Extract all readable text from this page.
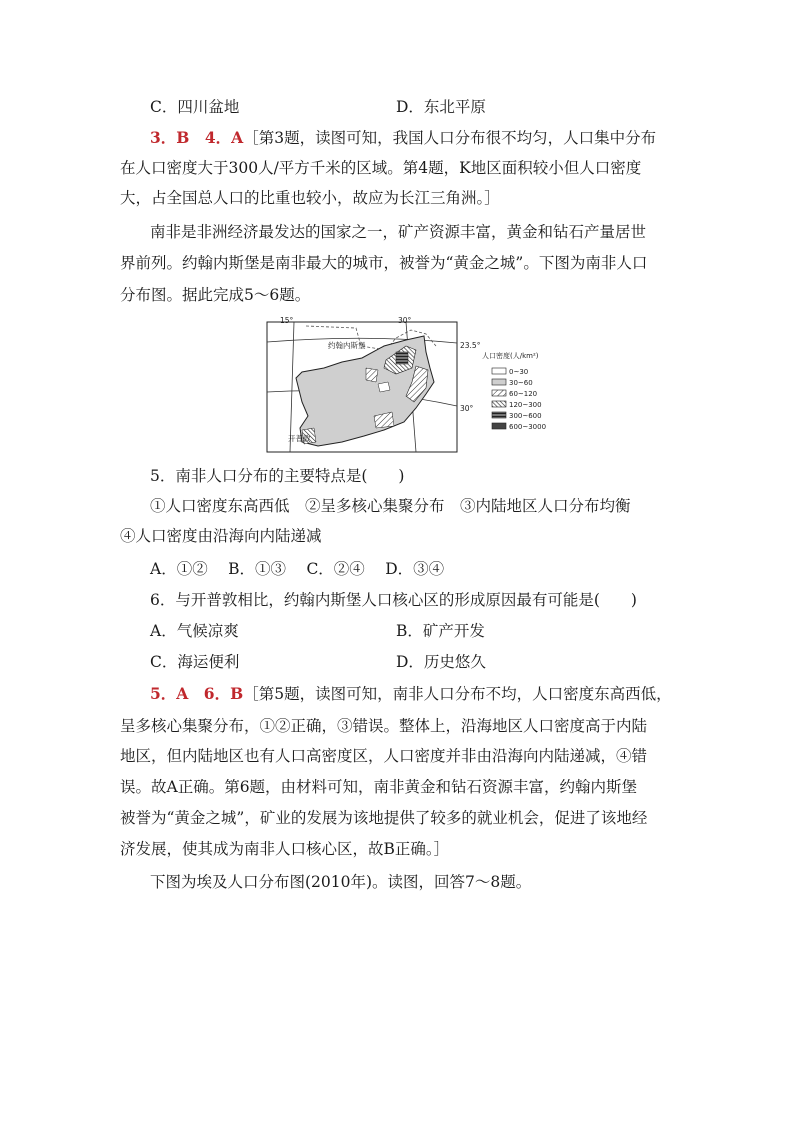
C．四川盆地	D．东北平原
3．B　4．A［第3题，读图可知，我国人口分布很不均匀，人口集中分布
在人口密度大于300人/平方千米的区域。第4题，K地区面积较小但人口密度
大，占全国总人口的比重也较小，故应为长江三角洲。］
南非是非洲经济最发达的国家之一，矿产资源丰富，黄金和钻石产量居世
界前列。约翰内斯堡是南非最大的城市，被誉为“黄金之城”。下图为南非人口
分布图。据此完成5～6题。
15°	30°
23.5°
30°
约翰内斯堡
开普敦
人口密度(人/km²)
0~30
30~60
60~120
120~300
300~600
600~3000
5．南非人口分布的主要特点是(　　)
①人口密度东高西低　②呈多核心集聚分布　③内陆地区人口分布均衡
④人口密度由沿海向内陆递减
A．①②　 B．①③　 C．②④　 D．③④
6．与开普敦相比，约翰内斯堡人口核心区的形成原因最有可能是(　　)
A．气候凉爽	B．矿产开发
C．海运便利	D．历史悠久
5．A　6．B［第5题，读图可知，南非人口分布不均，人口密度东高西低，
呈多核心集聚分布，①②正确，③错误。整体上，沿海地区人口密度高于内陆
地区，但内陆地区也有人口高密度区，人口密度并非由沿海向内陆递减，④错
误。故A正确。第6题，由材料可知，南非黄金和钻石资源丰富，约翰内斯堡
被誉为“黄金之城”，矿业的发展为该地提供了较多的就业机会，促进了该地经
济发展，使其成为南非人口核心区，故B正确。］
下图为埃及人口分布图(2010年)。读图，回答7～8题。
